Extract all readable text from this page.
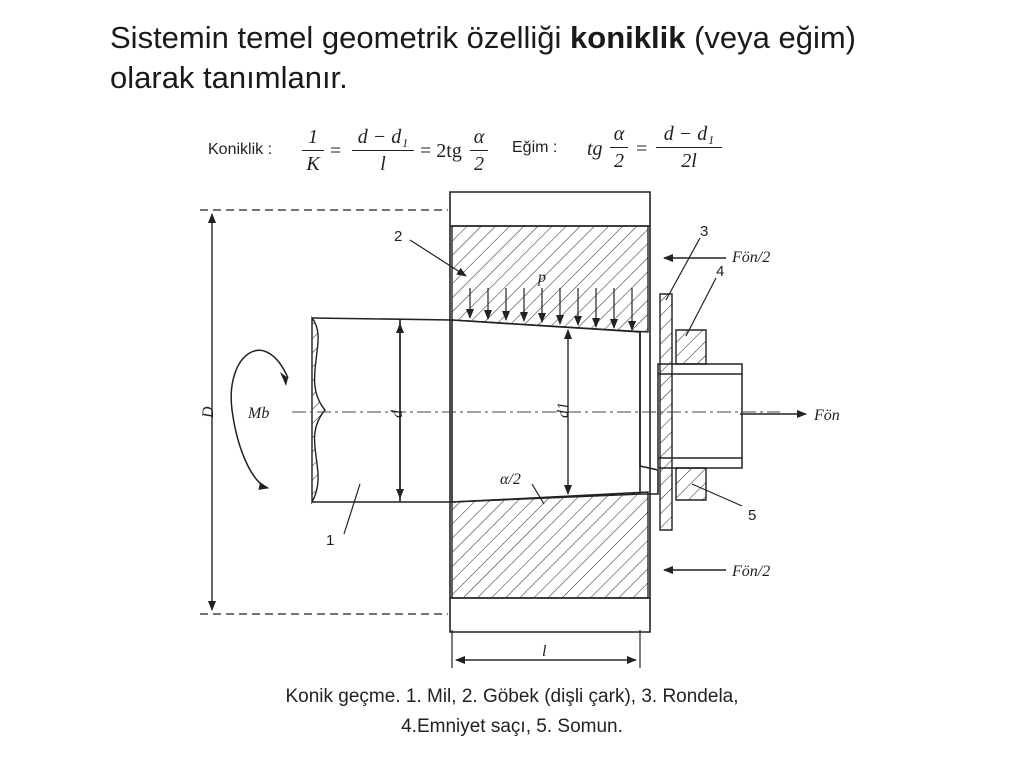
Sistemin temel geometrik özelliği koniklik (veya eğim)
olarak tanımlanır.
Koniklik :
1
K
=
d − d₁
l
= 2tg
α
2
Eğim : tg
α
2
=
d − d₁
2l
2	3
4
5
1
p
Fön/2
Fön/2
Fön
Mb
D	d	d1
α/2
l
Konik geçme. 1. Mil, 2. Göbek (dişli çark), 3. Rondela,
4.Emniyet saçı, 5. Somun.
